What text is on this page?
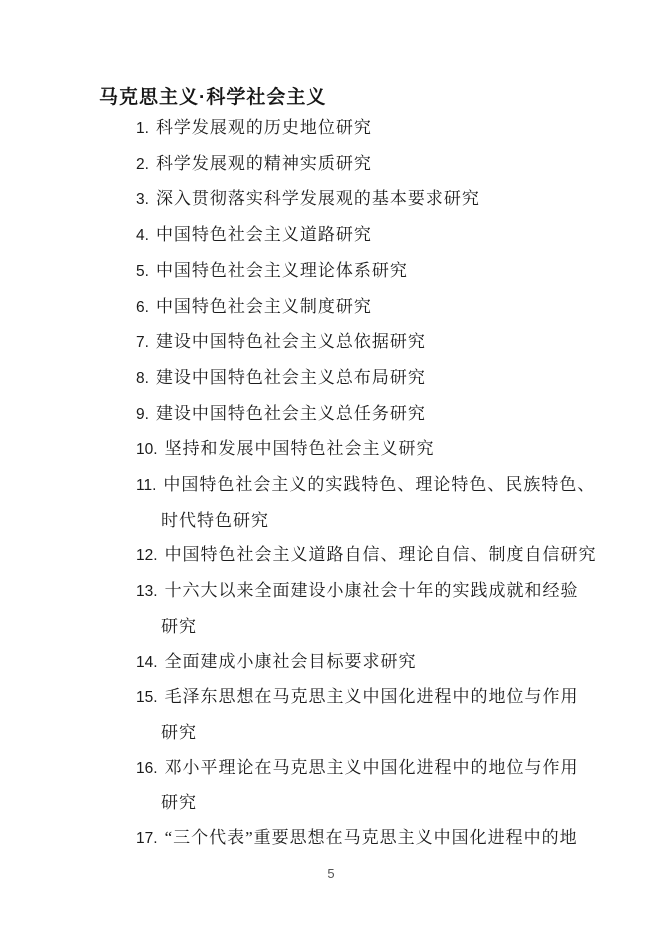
马克思主义·科学社会主义
1. 科学发展观的历史地位研究
2. 科学发展观的精神实质研究
3. 深入贯彻落实科学发展观的基本要求研究
4. 中国特色社会主义道路研究
5. 中国特色社会主义理论体系研究
6. 中国特色社会主义制度研究
7. 建设中国特色社会主义总依据研究
8. 建设中国特色社会主义总布局研究
9. 建设中国特色社会主义总任务研究
10. 坚持和发展中国特色社会主义研究
11. 中国特色社会主义的实践特色、理论特色、民族特色、
时代特色研究
12. 中国特色社会主义道路自信、理论自信、制度自信研究
13. 十六大以来全面建设小康社会十年的实践成就和经验
研究
14. 全面建成小康社会目标要求研究
15. 毛泽东思想在马克思主义中国化进程中的地位与作用
研究
16. 邓小平理论在马克思主义中国化进程中的地位与作用
研究
17. “三个代表”重要思想在马克思主义中国化进程中的地
5
